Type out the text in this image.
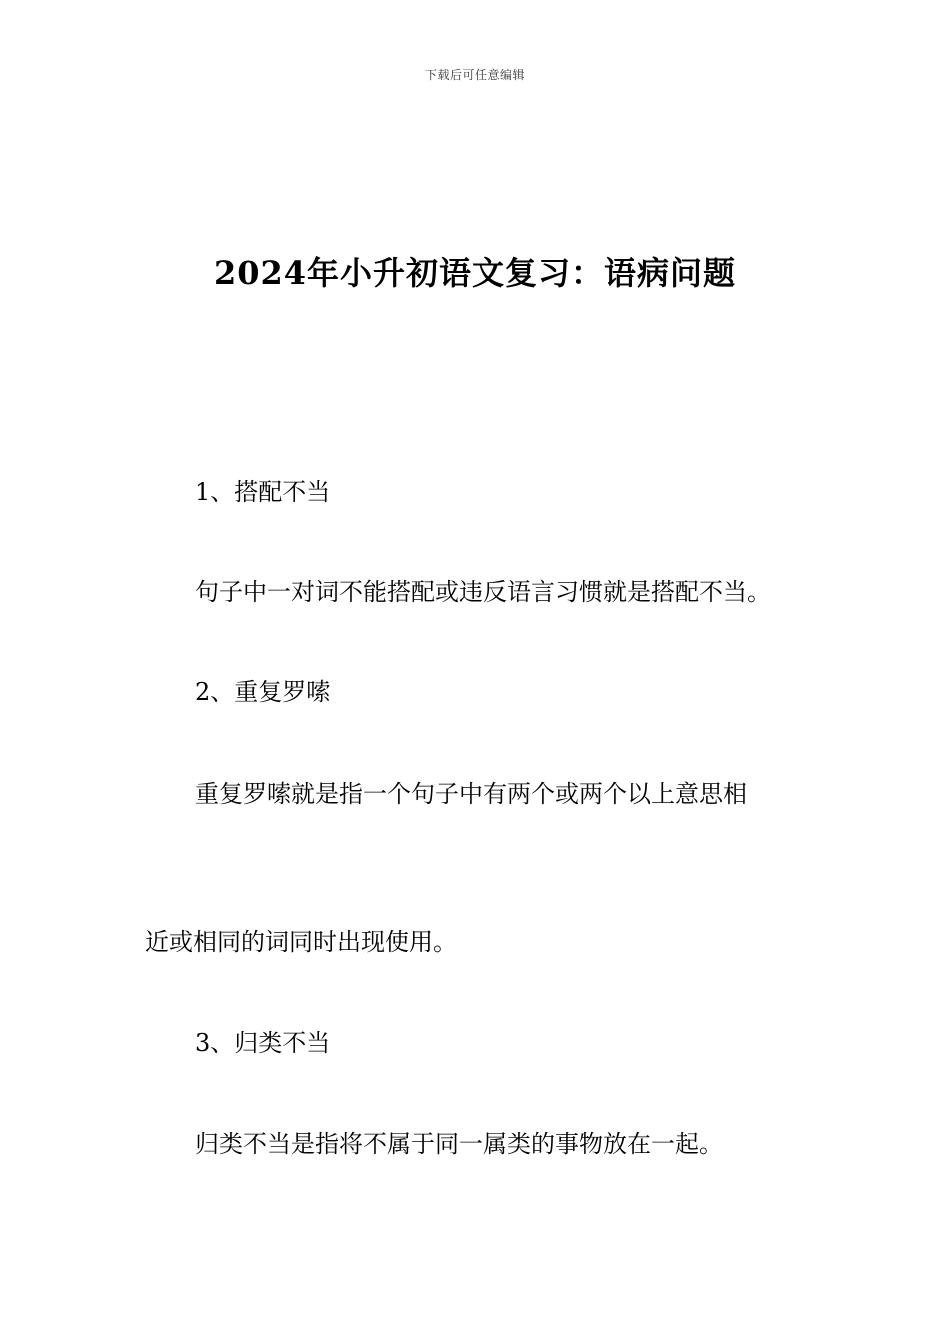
下载后可任意编辑
2024年小升初语文复习：语病问题
1、搭配不当
句子中一对词不能搭配或违反语言习惯就是搭配不当。
2、重复罗嗦
重复罗嗦就是指一个句子中有两个或两个以上意思相
近或相同的词同时出现使用。
3、归类不当
归类不当是指将不属于同一属类的事物放在一起。
